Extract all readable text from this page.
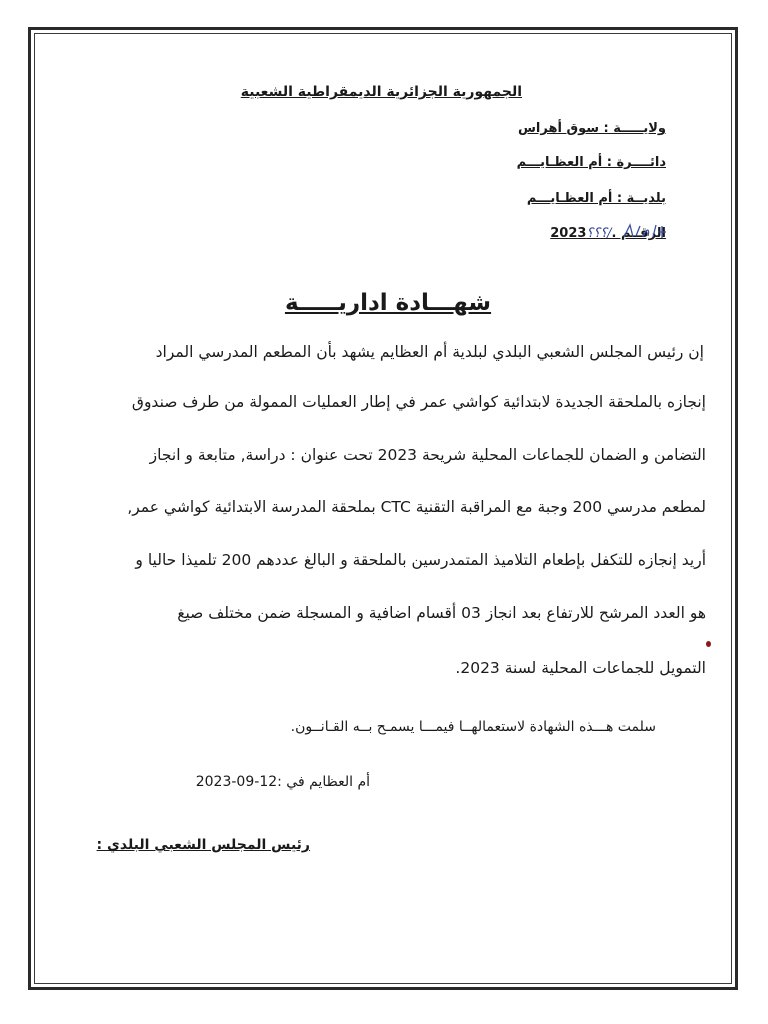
الجمهورية الجزائرية الديمقراطية الشعبية
ولايـــــة : سوق أهراس
دائــــرة : أم العظـايـــم
بلديــة : أم العظـايـــم
الرقــم ./؟؟؟2023
شهـــادة اداريـــــة
إن رئيس المجلس الشعبي البلدي لبلدية أم العظايم يشهد بأن المطعم المدرسي المراد
إنجازه بالملحقة الجديدة لابتدائية كواشي عمر في إطار العمليات الممولة من طرف صندوق
التضامن و الضمان للجماعات المحلية شريحة 2023 تحت عنوان : دراسة, متابعة و انجاز
لمطعم مدرسي 200 وجبة مع المراقبة التقنية CTC بملحقة المدرسة الابتدائية كواشي عمر,
أريد إنجازه للتكفل بإطعام التلاميذ المتمدرسين بالملحقة و البالغ عددهم 200 تلميذا حاليا و
هو العدد المرشح للارتفاع بعد انجاز 03 أقسام اضافية و المسجلة ضمن مختلف صيغ
التمويل للجماعات المحلية لسنة 2023.
سلمت هـــذه الشهادة لاستعمالهــا فيمـــا يسمـح بــه القـانــون.
أم العظايم في :12-09-2023
رئيس المجلس الشعبي البلدي :
